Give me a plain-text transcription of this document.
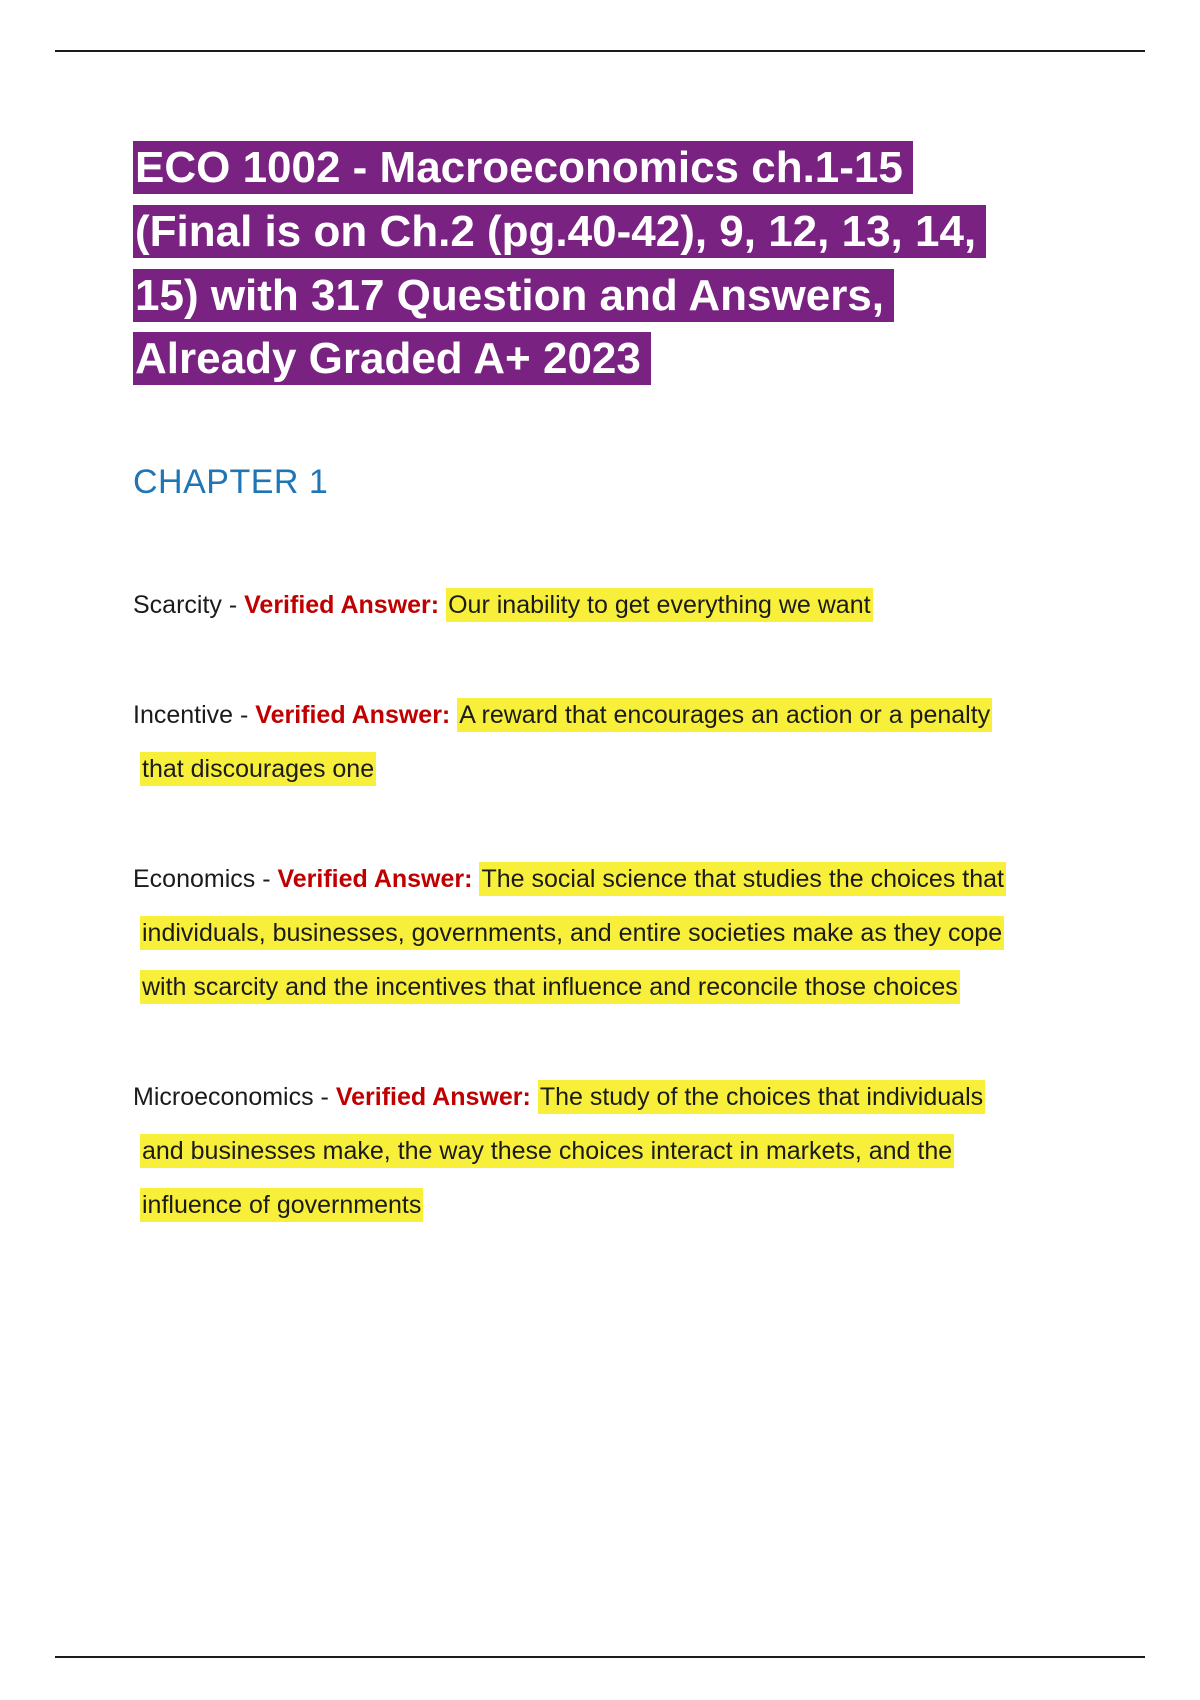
ECO 1002 - Macroeconomics ch.1-15 (Final is on Ch.2 (pg.40-42), 9, 12, 13, 14, 15) with 317 Question and Answers, Already Graded A+ 2023
CHAPTER 1

Scarcity - Verified Answer: Our inability to get everything we want

Incentive - Verified Answer: A reward that encourages an action or a penalty that discourages one

Economics - Verified Answer: The social science that studies the choices that individuals, businesses, governments, and entire societies make as they cope with scarcity and the incentives that influence and reconcile those choices

Microeconomics - Verified Answer: The study of the choices that individuals and businesses make, the way these choices interact in markets, and the influence of governments
